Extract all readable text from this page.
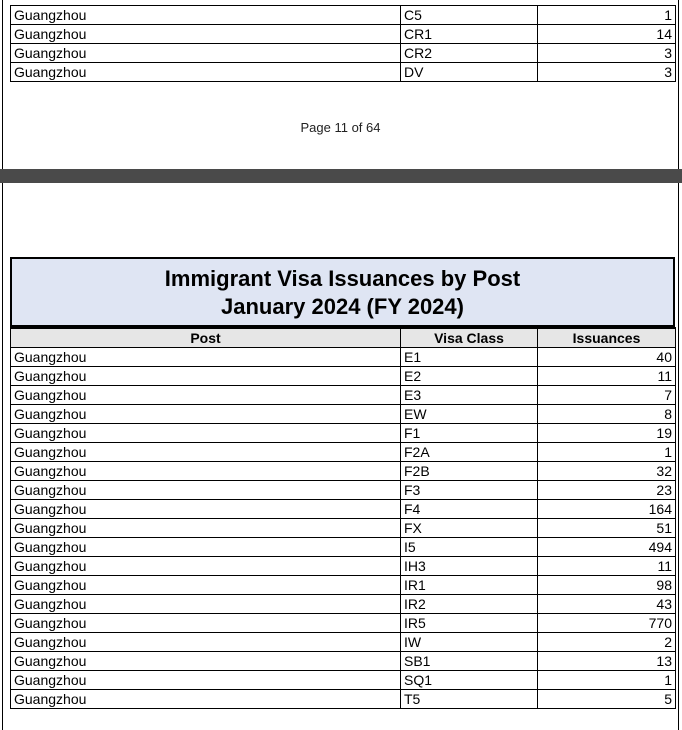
Guangzhou	C5	1
Guangzhou	CR1	14
Guangzhou	CR2	3
Guangzhou	DV	3
Page 11 of 64
Immigrant Visa Issuances by Post
January 2024 (FY 2024)
Post	Visa Class	Issuances
Guangzhou	E1	40
Guangzhou	E2	11
Guangzhou	E3	7
Guangzhou	EW	8
Guangzhou	F1	19
Guangzhou	F2A	1
Guangzhou	F2B	32
Guangzhou	F3	23
Guangzhou	F4	164
Guangzhou	FX	51
Guangzhou	I5	494
Guangzhou	IH3	11
Guangzhou	IR1	98
Guangzhou	IR2	43
Guangzhou	IR5	770
Guangzhou	IW	2
Guangzhou	SB1	13
Guangzhou	SQ1	1
Guangzhou	T5	5
